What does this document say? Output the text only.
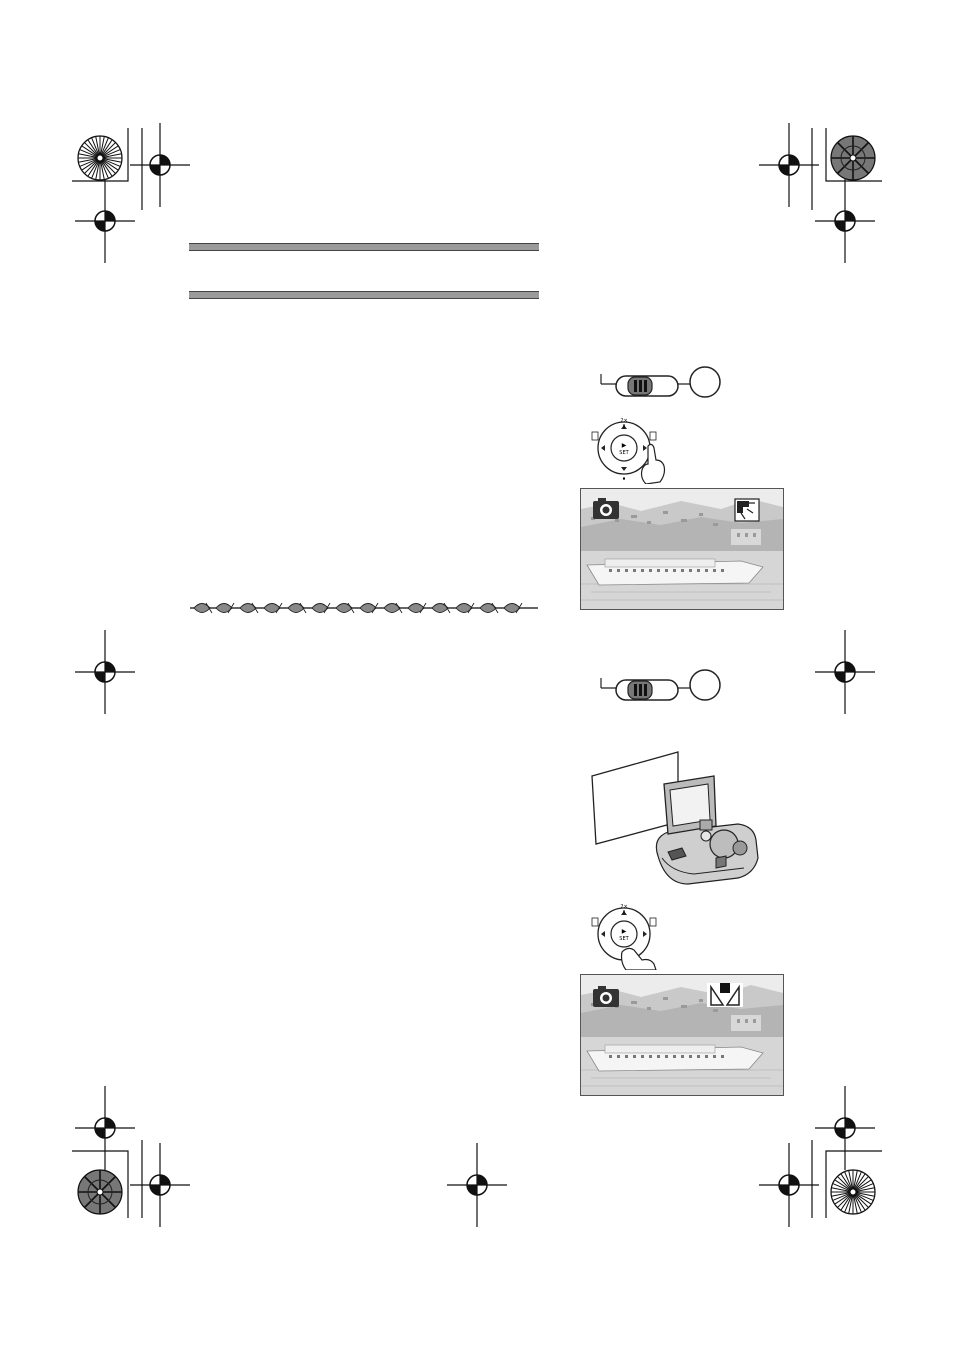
2×
II
▶
SET
⏹
2×
II
▶
SET
